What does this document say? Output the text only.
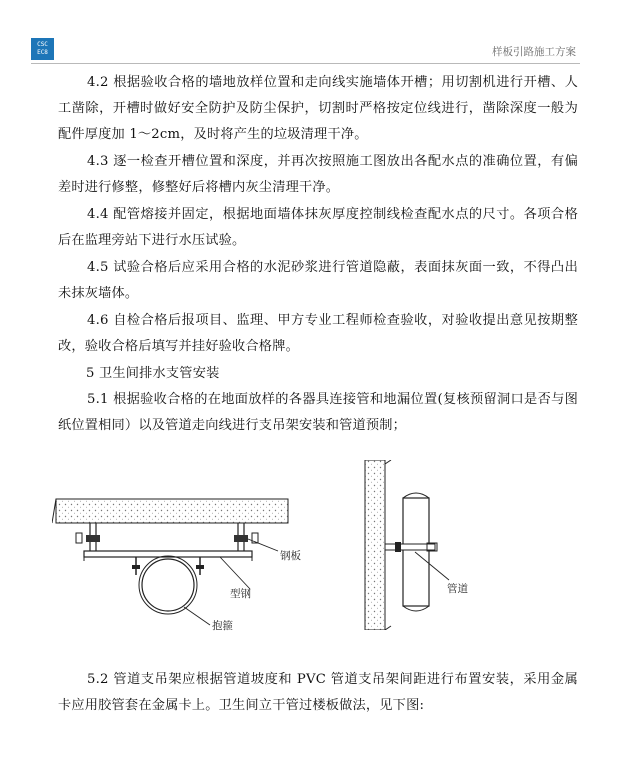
CSC
EC8	样板引路施工方案

4.2 根据验收合格的墙地放样位置和走向线实施墙体开槽；用切割机进行开槽、人工凿除，开槽时做好安全防护及防尘保护，切割时严格按定位线进行，凿除深度一般为配件厚度加 1～2cm，及时将产生的垃圾清理干净。

4.3 逐一检查开槽位置和深度，并再次按照施工图放出各配水点的准确位置，有偏差时进行修整，修整好后将槽内灰尘清理干净。

4.4 配管熔接并固定，根据地面墙体抹灰厚度控制线检查配水点的尺寸。各项合格后在监理旁站下进行水压试验。

4.5 试验合格后应采用合格的水泥砂浆进行管道隐蔽，表面抹灰面一致，不得凸出未抹灰墙体。

4.6 自检合格后报项目、监理、甲方专业工程师检查验收，对验收提出意见按期整改，验收合格后填写并挂好验收合格牌。

5 卫生间排水支管安装

5.1 根据验收合格的在地面放样的各器具连接管和地漏位置(复核预留洞口是否与图纸位置相同）以及管道走向线进行支吊架安装和管道预制；

钢板
型钢
抱箍
管道

5.2 管道支吊架应根据管道坡度和 PVC 管道支吊架间距进行布置安装，采用金属卡应用胶管套在金属卡上。卫生间立干管过楼板做法，见下图:
